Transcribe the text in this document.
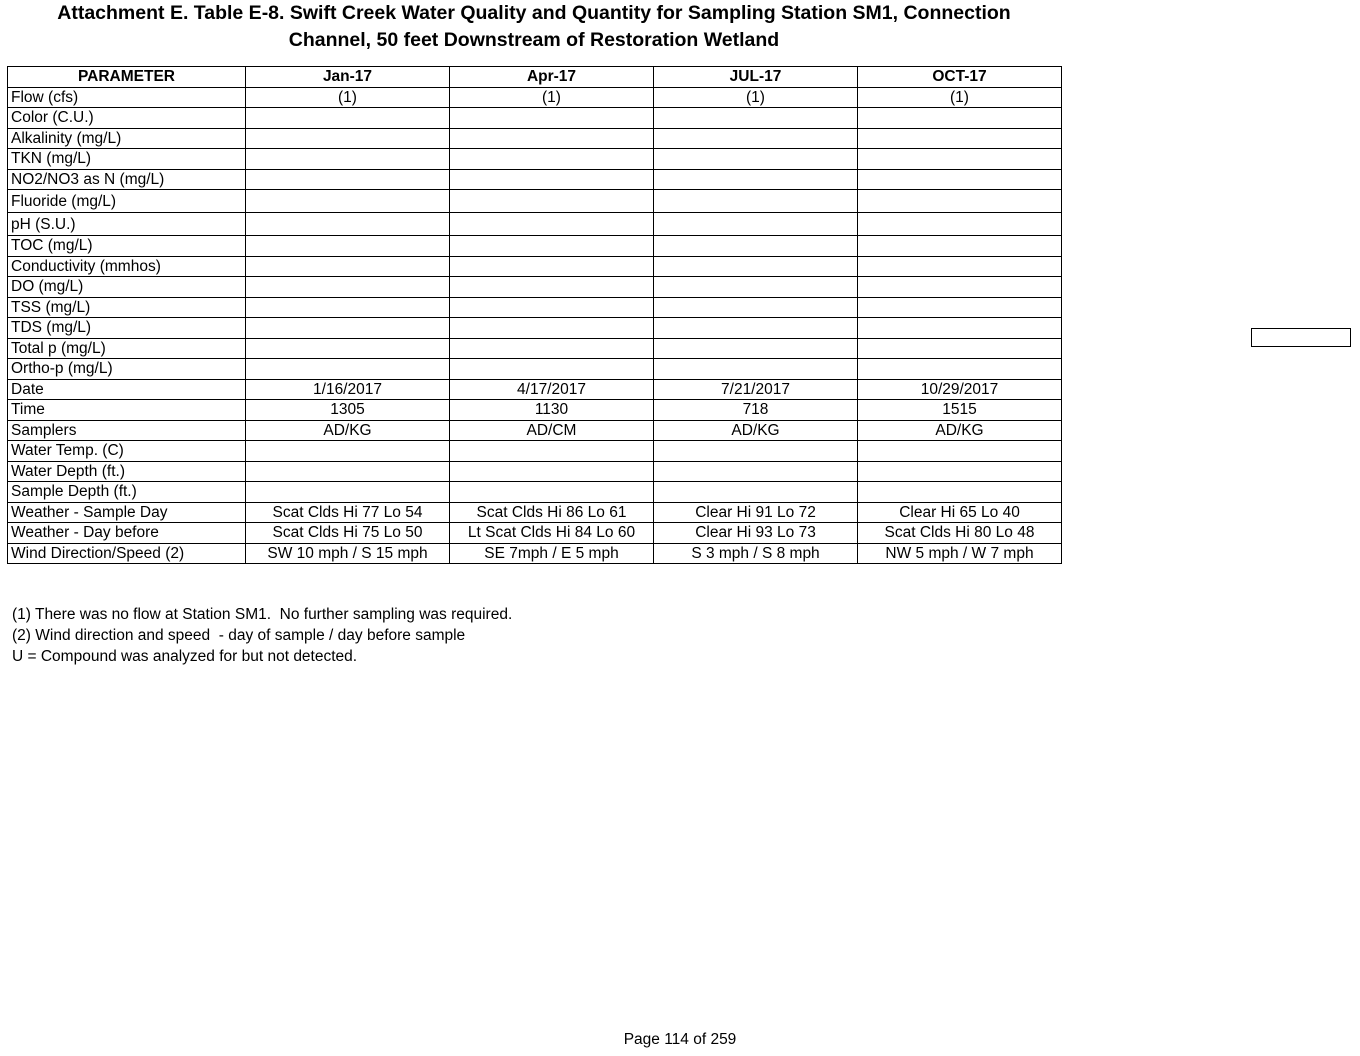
Attachment E. Table E-8. Swift Creek Water Quality and Quantity for Sampling Station SM1, Connection
Channel, 50 feet Downstream of Restoration Wetland
PARAMETER	Jan-17	Apr-17	JUL-17	OCT-17
Flow (cfs)	(1)	(1)	(1)	(1)
Color (C.U.)				
Alkalinity (mg/L)				
TKN (mg/L)				
NO2/NO3 as N (mg/L)				
Fluoride (mg/L)				
pH (S.U.)				
TOC (mg/L)				
Conductivity (mmhos)				
DO (mg/L)				
TSS (mg/L)				
TDS (mg/L)				
Total p (mg/L)				
Ortho-p (mg/L)				
Date	1/16/2017	4/17/2017	7/21/2017	10/29/2017
Time	1305	1130	718	1515
Samplers	AD/KG	AD/CM	AD/KG	AD/KG
Water Temp. (C)				
Water Depth (ft.)				
Sample Depth (ft.)				
Weather - Sample Day	Scat Clds Hi 77 Lo 54	Scat Clds Hi 86 Lo 61	Clear Hi 91 Lo 72	Clear Hi 65 Lo 40
Weather - Day before	Scat Clds Hi 75 Lo 50	Lt Scat Clds Hi 84 Lo 60	Clear Hi 93 Lo 73	Scat Clds Hi 80 Lo 48
Wind Direction/Speed (2)	SW 10 mph / S 15 mph	SE 7mph / E 5 mph	S 3 mph / S 8 mph	NW 5 mph / W 7 mph
(1) There was no flow at Station SM1.  No further sampling was required.
(2) Wind direction and speed  - day of sample / day before sample
U = Compound was analyzed for but not detected.
Page 114 of 259
